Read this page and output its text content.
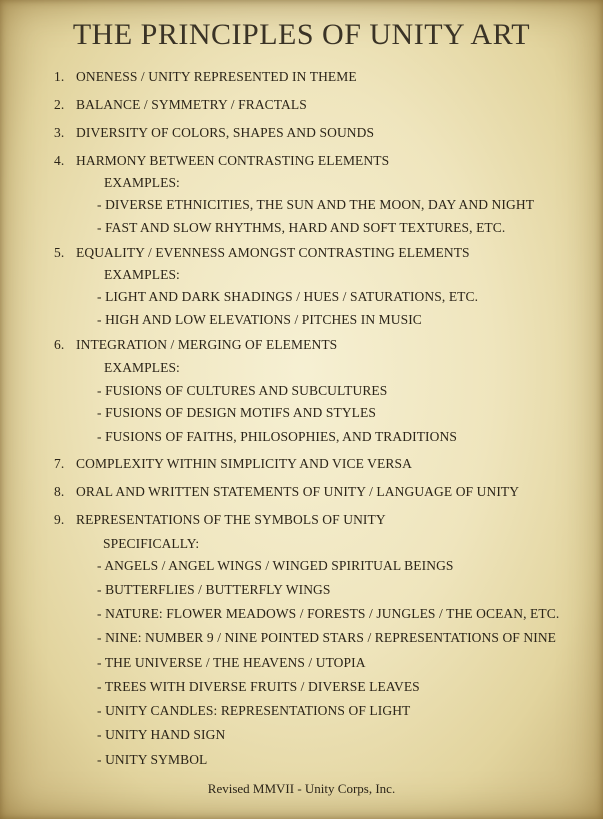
THE PRINCIPLES OF UNITY ART
1. ONENESS / UNITY REPRESENTED IN THEME
2. BALANCE / SYMMETRY / FRACTALS
3. DIVERSITY OF COLORS, SHAPES AND SOUNDS
4. HARMONY BETWEEN CONTRASTING ELEMENTS
EXAMPLES:
- DIVERSE ETHNICITIES, THE SUN AND THE MOON, DAY AND NIGHT
- FAST AND SLOW RHYTHMS, HARD AND SOFT TEXTURES, ETC.
5. EQUALITY / EVENNESS AMONGST CONTRASTING ELEMENTS
EXAMPLES:
- LIGHT AND DARK SHADINGS / HUES / SATURATIONS, ETC.
- HIGH AND LOW ELEVATIONS / PITCHES IN MUSIC
6. INTEGRATION / MERGING OF ELEMENTS
EXAMPLES:
- FUSIONS OF CULTURES AND SUBCULTURES
- FUSIONS OF DESIGN MOTIFS AND STYLES
- FUSIONS OF FAITHS, PHILOSOPHIES, AND TRADITIONS
7. COMPLEXITY WITHIN SIMPLICITY AND VICE VERSA
8. ORAL AND WRITTEN STATEMENTS OF UNITY / LANGUAGE OF UNITY
9. REPRESENTATIONS OF THE SYMBOLS OF UNITY
SPECIFICALLY:
- ANGELS / ANGEL WINGS / WINGED SPIRITUAL BEINGS
- BUTTERFLIES / BUTTERFLY WINGS
- NATURE: FLOWER MEADOWS / FORESTS / JUNGLES / THE OCEAN, ETC.
- NINE: NUMBER 9 / NINE POINTED STARS / REPRESENTATIONS OF NINE
- THE UNIVERSE / THE HEAVENS / UTOPIA
- TREES WITH DIVERSE FRUITS / DIVERSE LEAVES
- UNITY CANDLES: REPRESENTATIONS OF LIGHT
- UNITY HAND SIGN
- UNITY SYMBOL
Revised MMVII - Unity Corps, Inc.
